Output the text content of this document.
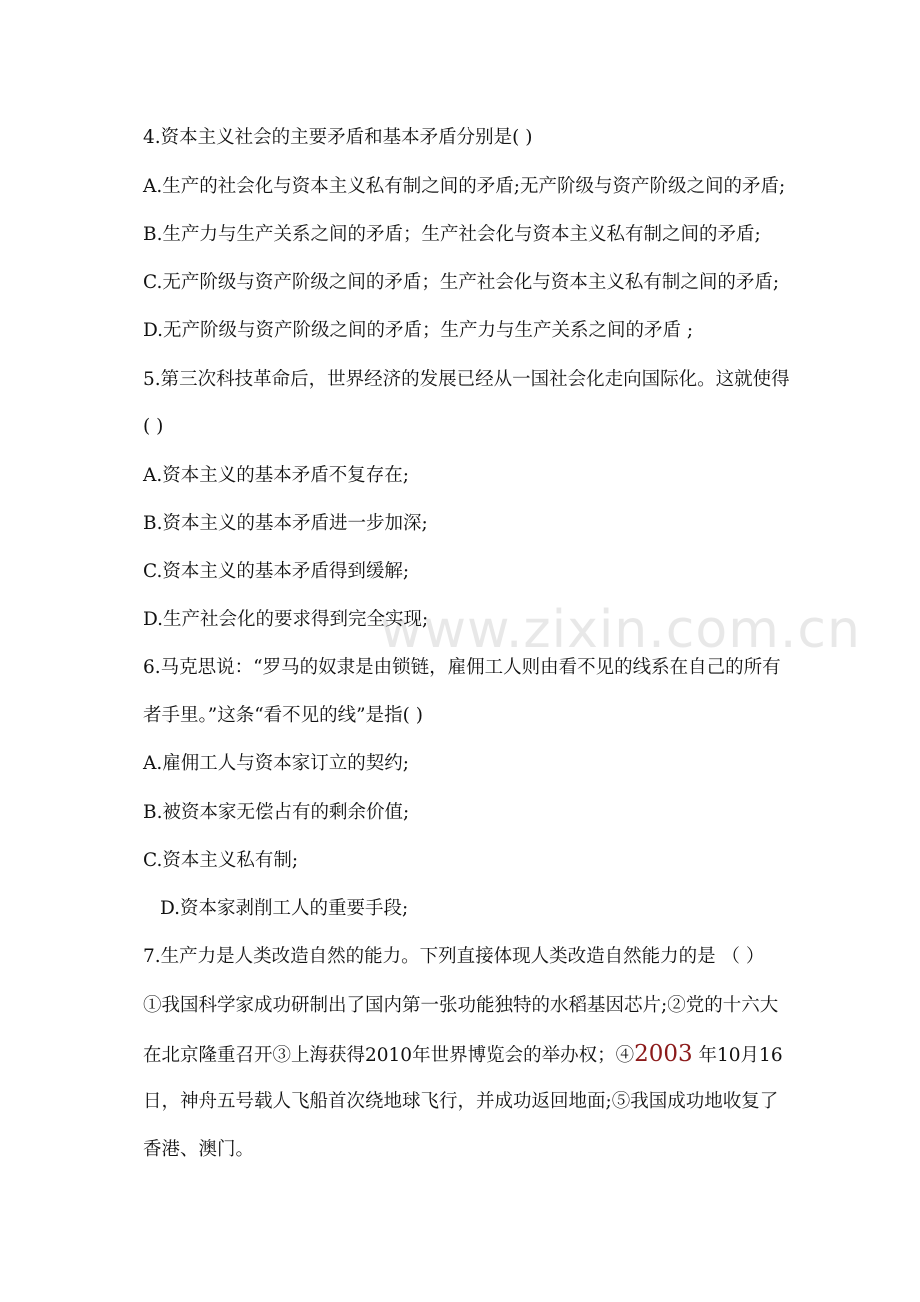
www.zixin.com.cn
4.资本主义社会的主要矛盾和基本矛盾分别是( )
A.生产的社会化与资本主义私有制之间的矛盾;无产阶级与资产阶级之间的矛盾;
B.生产力与生产关系之间的矛盾；生产社会化与资本主义私有制之间的矛盾;
C.无产阶级与资产阶级之间的矛盾；生产社会化与资本主义私有制之间的矛盾;
D.无产阶级与资产阶级之间的矛盾；生产力与生产关系之间的矛盾 ;
5.第三次科技革命后，世界经济的发展已经从一国社会化走向国际化。这就使得
( )
A.资本主义的基本矛盾不复存在;
B.资本主义的基本矛盾进一步加深;
C.资本主义的基本矛盾得到缓解;
D.生产社会化的要求得到完全实现;
6.马克思说：“罗马的奴隶是由锁链，雇佣工人则由看不见的线系在自己的所有
者手里。”这条“看不见的线”是指( )
A.雇佣工人与资本家订立的契约;
B.被资本家无偿占有的剩余价值;
C.资本主义私有制;
D.资本家剥削工人的重要手段;
7.生产力是人类改造自然的能力。下列直接体现人类改造自然能力的是 （ ）
①我国科学家成功研制出了国内第一张功能独特的水稻基因芯片;②党的十六大
在北京隆重召开③上海获得2010年世界博览会的举办权；④2003 年10月16
日，神舟五号载人飞船首次绕地球飞行，并成功返回地面;⑤我国成功地收复了
香港、澳门。
